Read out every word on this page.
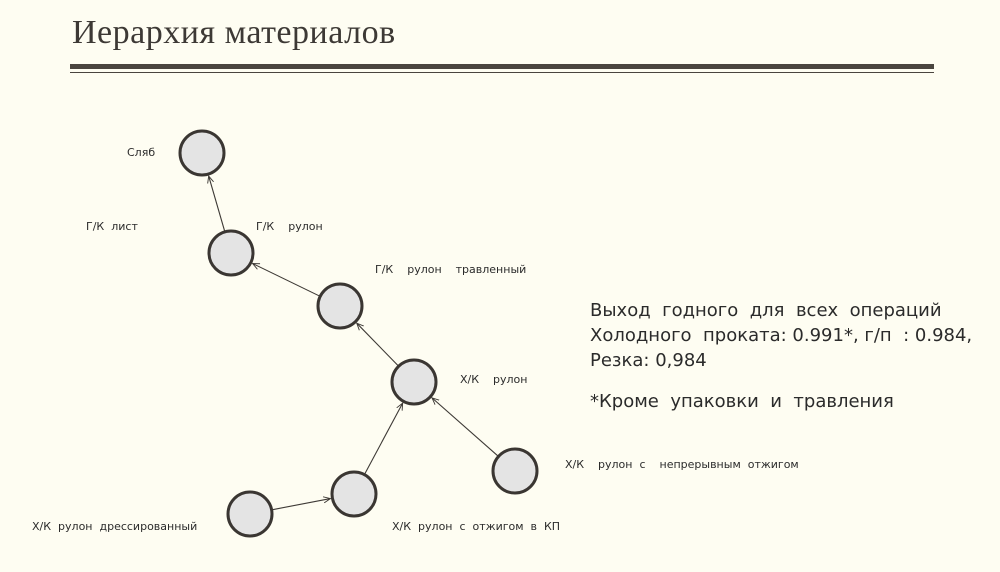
Иерархия материалов
Сляб
Г/К  лист	Г/К    рулон
Г/К    рулон    травленный
Х/К    рулон
Х/К    рулон  с    непрерывным  отжигом
Х/К  рулон  с  отжигом  в  КП
Х/К  рулон  дрессированный
Выход  годного  для  всех  операций
Холодного  проката: 0.991*, г/п  : 0.984,
Резка: 0,984
*Кроме  упаковки  и  травления
